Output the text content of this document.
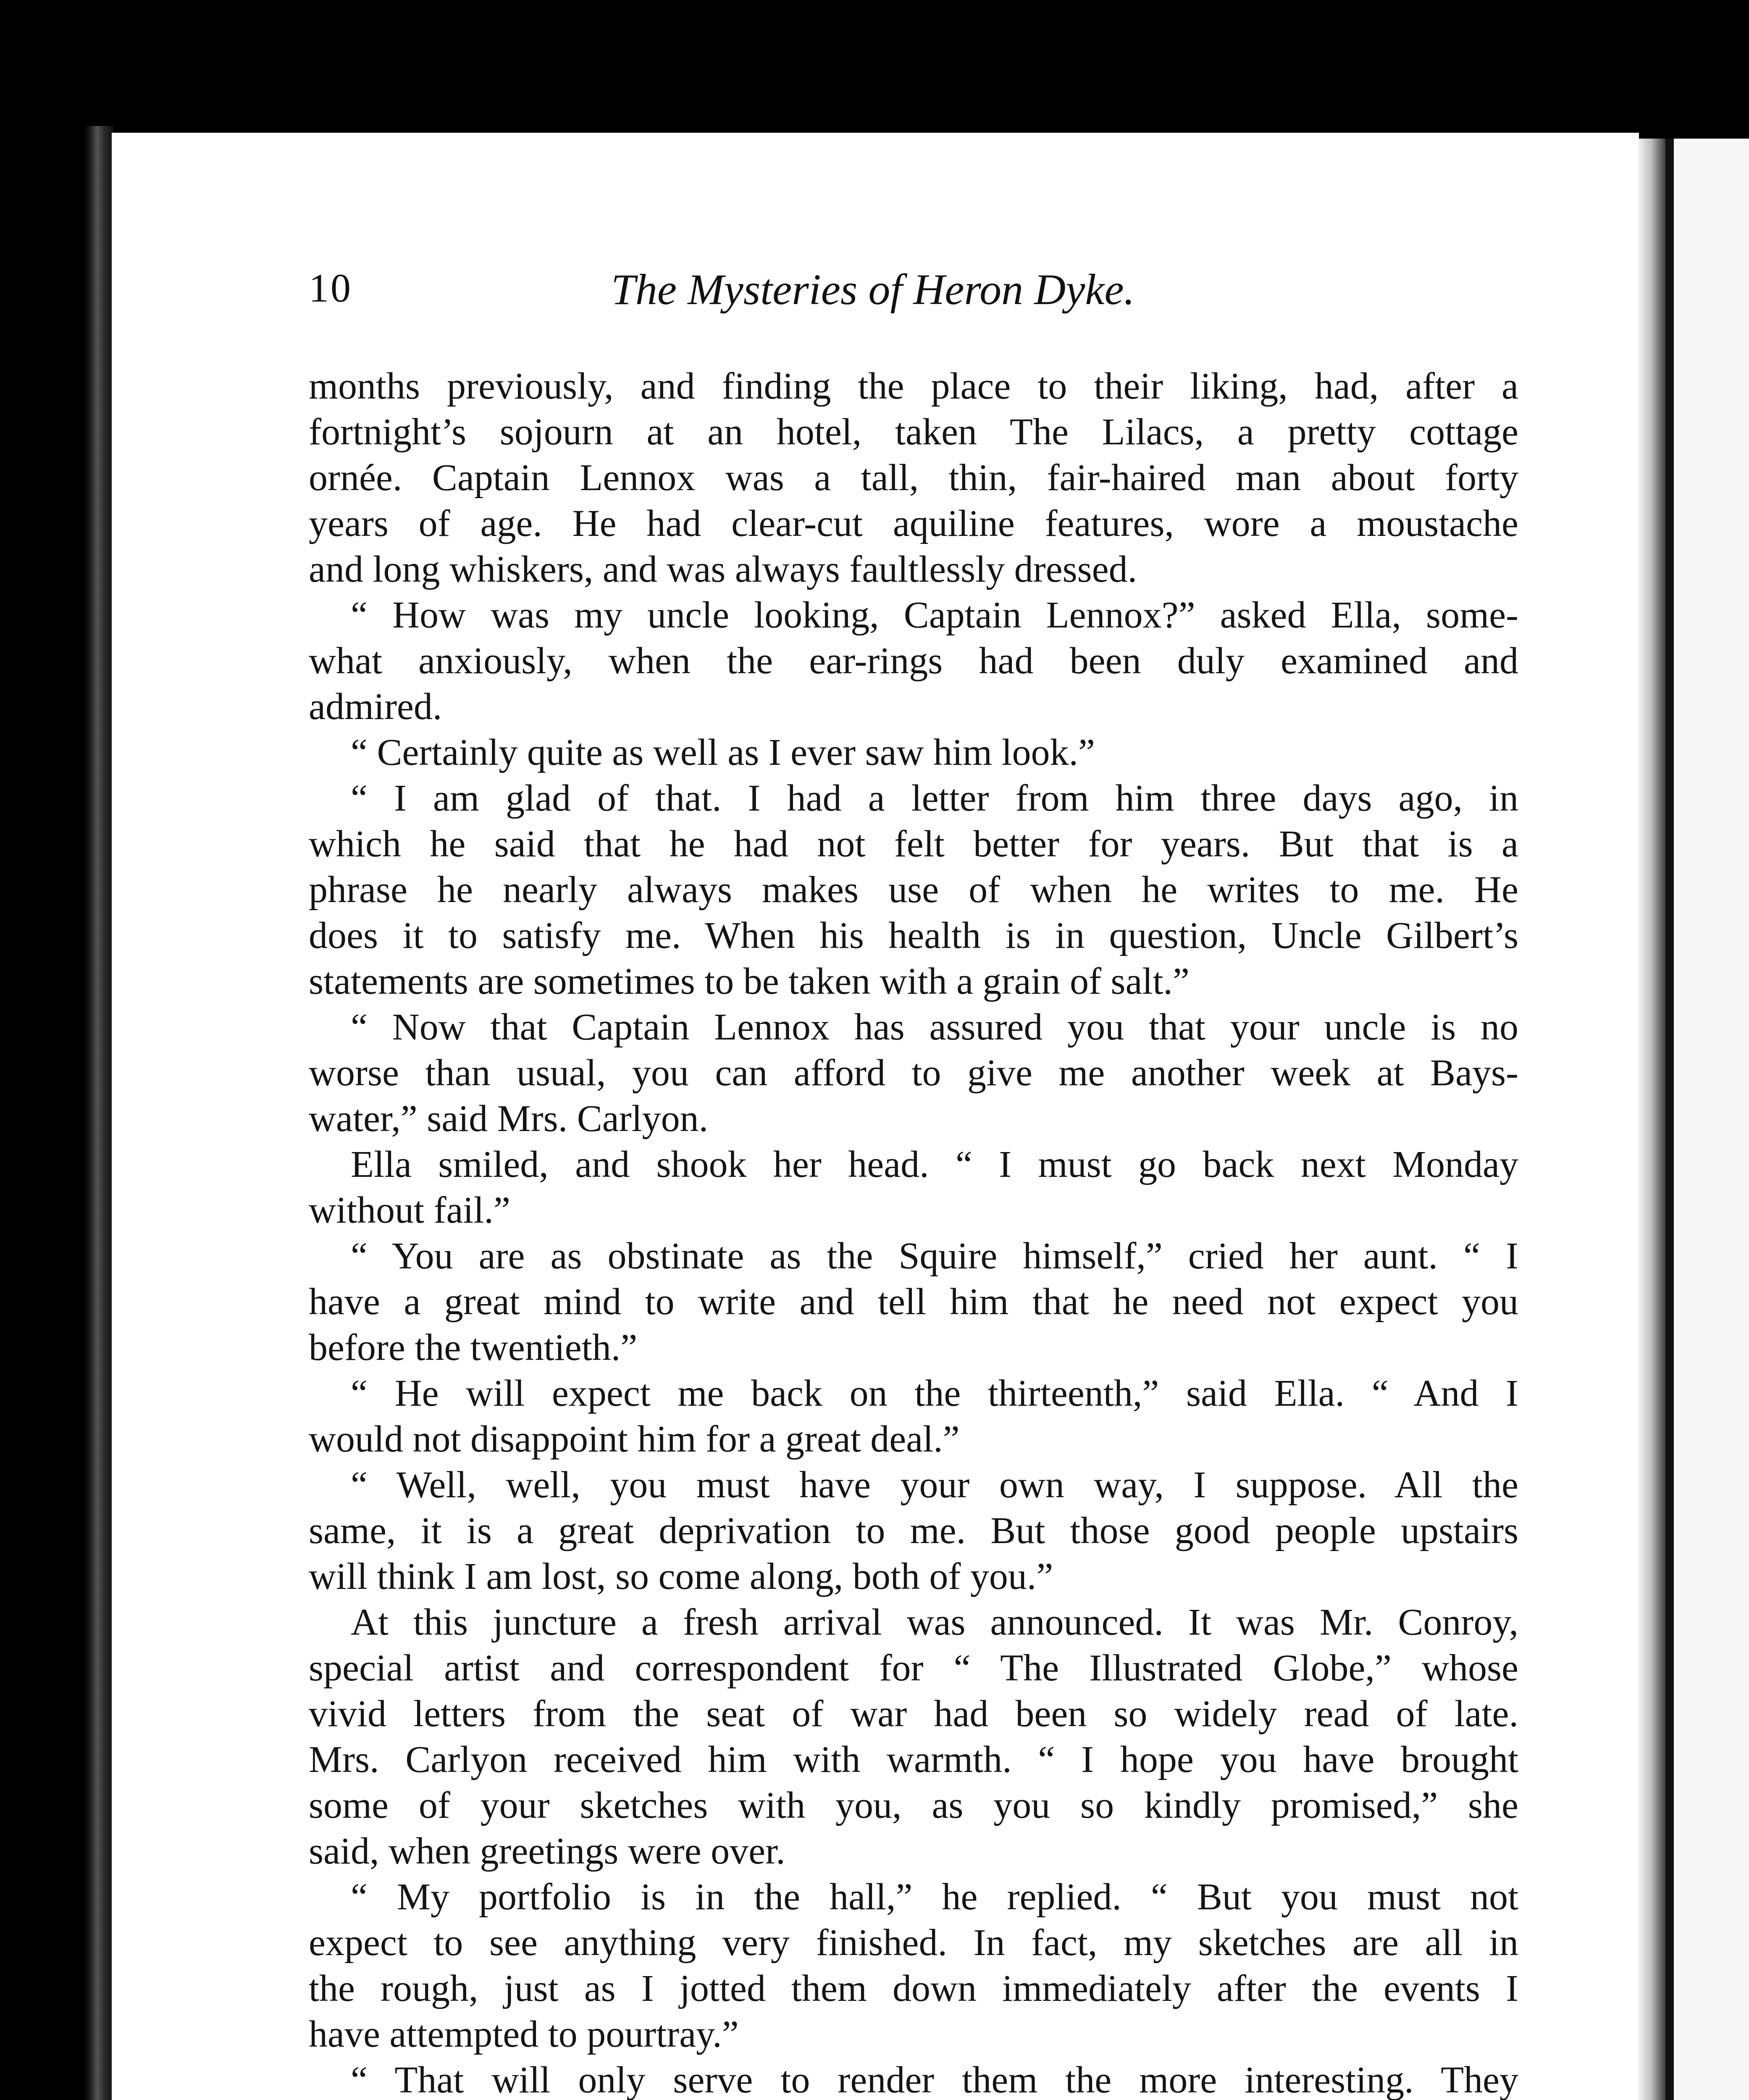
10	The Mysteries of Heron Dyke.

months previously, and finding the place to their liking, had, after a

fortnight’s sojourn at an hotel, taken The Lilacs, a pretty cottage

ornée. Captain Lennox was a tall, thin, fair-haired man about forty

years of age. He had clear-cut aquiline features, wore a moustache

and long whiskers, and was always faultlessly dressed.

“ How was my uncle looking, Captain Lennox?” asked Ella, some-

what anxiously, when the ear-rings had been duly examined and

admired.

“ Certainly quite as well as I ever saw him look.”

“ I am glad of that. I had a letter from him three days ago, in

which he said that he had not felt better for years. But that is a

phrase he nearly always makes use of when he writes to me. He

does it to satisfy me. When his health is in question, Uncle Gilbert’s

statements are sometimes to be taken with a grain of salt.”

“ Now that Captain Lennox has assured you that your uncle is no

worse than usual, you can afford to give me another week at Bays-

water,” said Mrs. Carlyon.

Ella smiled, and shook her head. “ I must go back next Monday

without fail.”

“ You are as obstinate as the Squire himself,” cried her aunt. “ I

have a great mind to write and tell him that he need not expect you

before the twentieth.”

“ He will expect me back on the thirteenth,” said Ella. “ And I

would not disappoint him for a great deal.”

“ Well, well, you must have your own way, I suppose. All the

same, it is a great deprivation to me. But those good people upstairs

will think I am lost, so come along, both of you.”

At this juncture a fresh arrival was announced. It was Mr. Conroy,

special artist and correspondent for “ The Illustrated Globe,” whose

vivid letters from the seat of war had been so widely read of late.

Mrs. Carlyon received him with warmth. “ I hope you have brought

some of your sketches with you, as you so kindly promised,” she

said, when greetings were over.

“ My portfolio is in the hall,” he replied. “ But you must not

expect to see anything very finished. In fact, my sketches are all in

the rough, just as I jotted them down immediately after the events I

have attempted to pourtray.”

“ That will only serve to render them the more interesting. They
